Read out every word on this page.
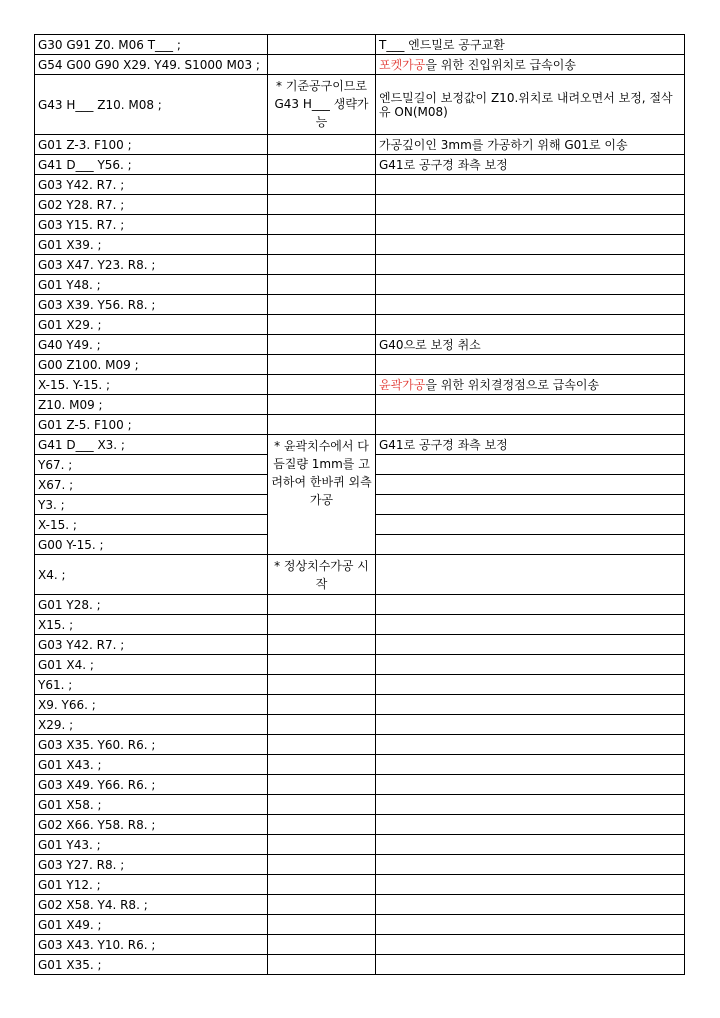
G30 G91 Z0. M06 T___ ;		T___ 엔드밀로 공구교환
G54 G00 G90 X29. Y49. S1000 M03 ;		포켓가공을 위한 진입위치로 급속이송
G43 H___ Z10. M08 ;	* 기준공구이므로 G43 H___ 생략가능	엔드밀길이 보정값이 Z10.위치로 내려오면서 보정, 절삭유 ON(M08)
G01 Z-3. F100 ;		가공깊이인 3mm를 가공하기 위해 G01로 이송
G41 D___ Y56. ;		G41로 공구경 좌측 보정
G03 Y42. R7. ;		
G02 Y28. R7. ;		
G03 Y15. R7. ;		
G01 X39. ;		
G03 X47. Y23. R8. ;		
G01 Y48. ;		
G03 X39. Y56. R8. ;		
G01 X29. ;		
G40 Y49. ;		G40으로 보정 취소
G00 Z100. M09 ;		
X-15. Y-15. ;		윤곽가공을 위한 위치결정점으로 급속이송
Z10. M09 ;		
G01 Z-5. F100 ;		
G41 D___ X3. ;	* 윤곽치수에서 다듬질량 1mm를 고려하여 한바퀴 외측가공	G41로 공구경 좌측 보정
Y67. ;		
X67. ;		
Y3. ;		
X-15. ;		
G00 Y-15. ;		
X4. ;	* 정상치수가공 시작	
G01 Y28. ;		
X15. ;		
G03 Y42. R7. ;		
G01 X4. ;		
Y61. ;		
X9. Y66. ;		
X29. ;		
G03 X35. Y60. R6. ;		
G01 X43. ;		
G03 X49. Y66. R6. ;		
G01 X58. ;		
G02 X66. Y58. R8. ;		
G01 Y43. ;		
G03 Y27. R8. ;		
G01 Y12. ;		
G02 X58. Y4. R8. ;		
G01 X49. ;		
G03 X43. Y10. R6. ;		
G01 X35. ;		
